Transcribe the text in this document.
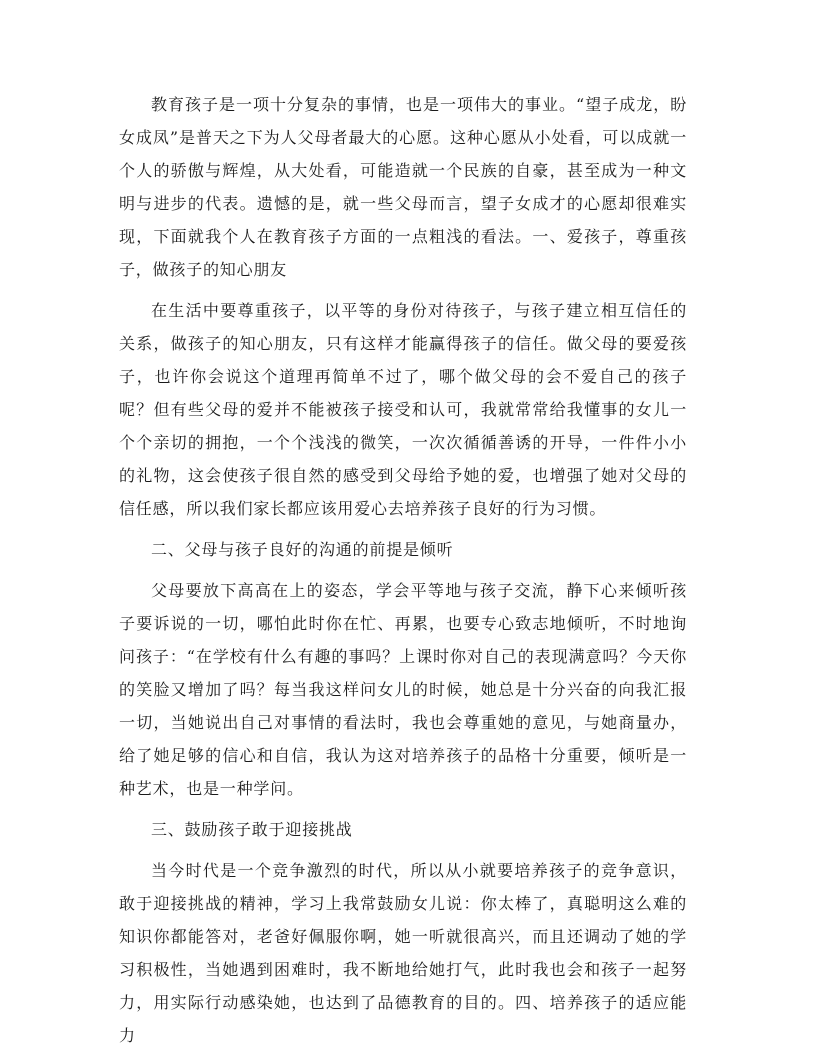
教育孩子是一项十分复杂的事情，也是一项伟大的事业。“望子成龙，盼女成凤”是普天之下为人父母者最大的心愿。这种心愿从小处看，可以成就一个人的骄傲与辉煌，从大处看，可能造就一个民族的自豪，甚至成为一种文明与进步的代表。遗憾的是，就一些父母而言，望子女成才的心愿却很难实现，下面就我个人在教育孩子方面的一点粗浅的看法。一、爱孩子，尊重孩子，做孩子的知心朋友

在生活中要尊重孩子，以平等的身份对待孩子，与孩子建立相互信任的关系，做孩子的知心朋友，只有这样才能赢得孩子的信任。做父母的要爱孩子，也许你会说这个道理再简单不过了，哪个做父母的会不爱自己的孩子呢？但有些父母的爱并不能被孩子接受和认可，我就常常给我懂事的女儿一个个亲切的拥抱，一个个浅浅的微笑，一次次循循善诱的开导，一件件小小的礼物，这会使孩子很自然的感受到父母给予她的爱，也增强了她对父母的信任感，所以我们家长都应该用爱心去培养孩子良好的行为习惯。

二、父母与孩子良好的沟通的前提是倾听

父母要放下高高在上的姿态，学会平等地与孩子交流，静下心来倾听孩子要诉说的一切，哪怕此时你在忙、再累，也要专心致志地倾听，不时地询问孩子：“在学校有什么有趣的事吗？上课时你对自己的表现满意吗？今天你的笑脸又增加了吗？每当我这样问女儿的时候，她总是十分兴奋的向我汇报一切，当她说出自己对事情的看法时，我也会尊重她的意见，与她商量办，给了她足够的信心和自信，我认为这对培养孩子的品格十分重要，倾听是一种艺术，也是一种学问。

三、鼓励孩子敢于迎接挑战

当今时代是一个竞争激烈的时代，所以从小就要培养孩子的竞争意识，敢于迎接挑战的精神，学习上我常鼓励女儿说：你太棒了，真聪明这么难的知识你都能答对，老爸好佩服你啊，她一听就很高兴，而且还调动了她的学习积极性，当她遇到困难时，我不断地给她打气，此时我也会和孩子一起努力，用实际行动感染她，也达到了品德教育的目的。四、培养孩子的适应能力
